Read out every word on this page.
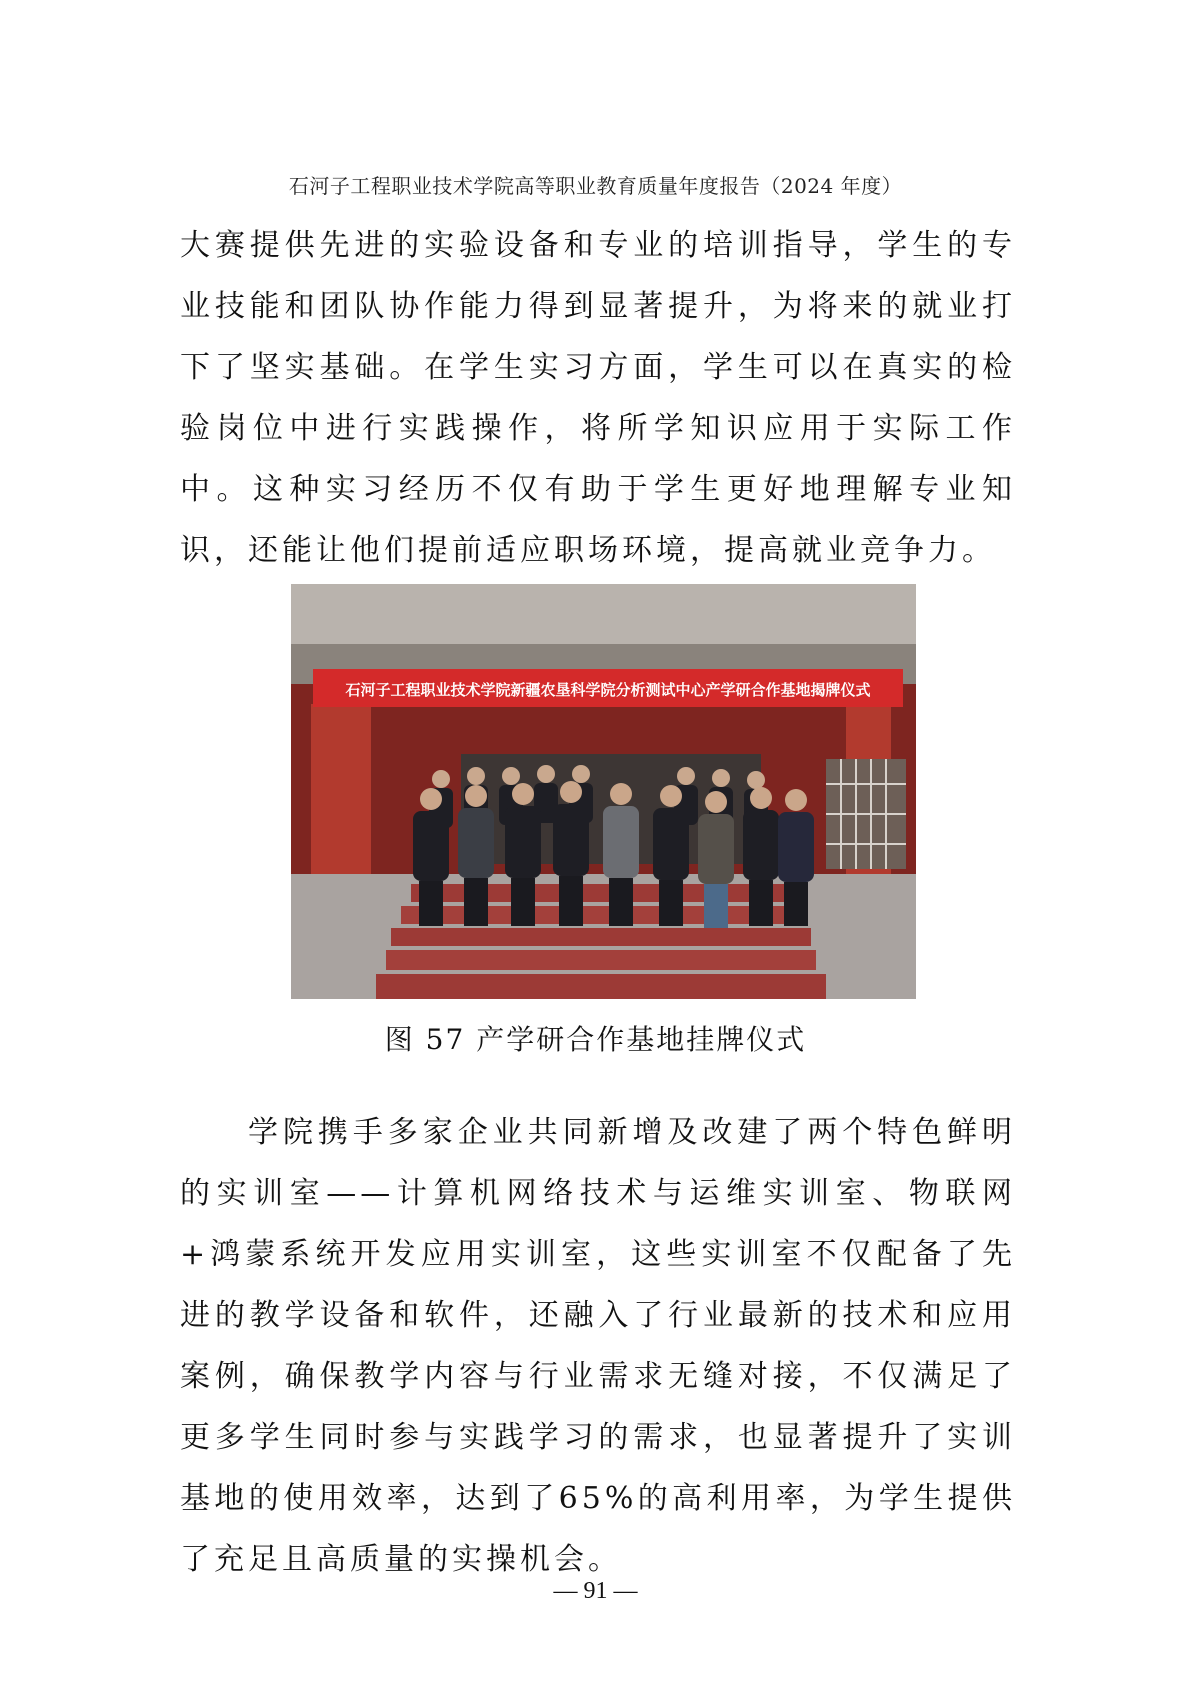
石河子工程职业技术学院高等职业教育质量年度报告（2024 年度）

大赛提供先进的实验设备和专业的培训指导，学生的专业技能和团队协作能力得到显著提升，为将来的就业打下了坚实基础。在学生实习方面，学生可以在真实的检验岗位中进行实践操作，将所学知识应用于实际工作中。这种实习经历不仅有助于学生更好地理解专业知识，还能让他们提前适应职场环境，提高就业竞争力。

石河子工程职业技术学院新疆农垦科学院分析测试中心产学研合作基地揭牌仪式
图 57 产学研合作基地挂牌仪式

学院携手多家企业共同新增及改建了两个特色鲜明的实训室——计算机网络技术与运维实训室、物联网+鸿蒙系统开发应用实训室，这些实训室不仅配备了先进的教学设备和软件，还融入了行业最新的技术和应用案例，确保教学内容与行业需求无缝对接，不仅满足了更多学生同时参与实践学习的需求，也显著提升了实训基地的使用效率，达到了65%的高利用率，为学生提供了充足且高质量的实操机会。

— 91 —
